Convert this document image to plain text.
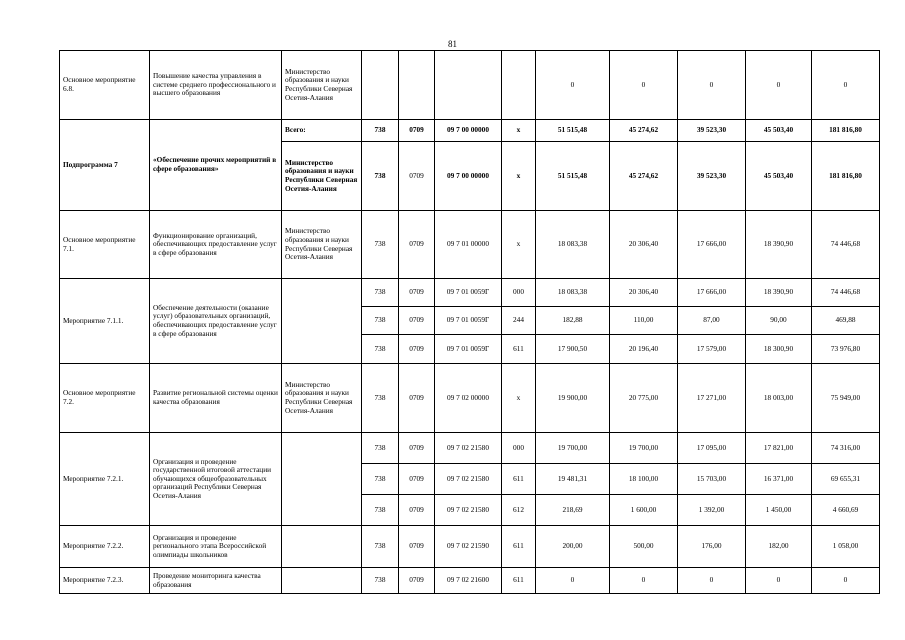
81
Основное мероприятие 6.8.	Повышение качества управления в системе среднего профессионального и высшего образования	Министерство образования и науки Республики Северная Осетия-Алания					0	0	0	0	0
Подпрограмма 7	«Обеспечение прочих мероприятий в сфере образования»	Всего:	738	0709	09 7 00 00000	х	51 515,48	45 274,62	39 523,30	45 503,40	181 816,80
		Министерство образования и науки Республики Северная Осетия-Алания	738	0709	09 7 00 00000	х	51 515,48	45 274,62	39 523,30	45 503,40	181 816,80
Основное мероприятие 7.1.	Функционирование организаций, обеспечивающих предоставление услуг в сфере образования	Министерство образования и науки Республики Северная Осетия-Алания	738	0709	09 7 01 00000	х	18 083,38	20 306,40	17 666,00	18 390,90	74 446,68
Мероприятие 7.1.1.	Обеспечение деятельности (оказание услуг) образовательных организаций, обеспечивающих предоставление услуг в сфере образования		738	0709	09 7 01 0059Г	000	18 083,38	20 306,40	17 666,00	18 390,90	74 446,68
			738	0709	09 7 01 0059Г	244	182,88	110,00	87,00	90,00	469,88
			738	0709	09 7 01 0059Г	611	17 900,50	20 196,40	17 579,00	18 300,90	73 976,80
Основное мероприятие 7.2.	Развитие региональной системы оценки качества образования	Министерство образования и науки Республики Северная Осетия-Алания	738	0709	09 7 02 00000	х	19 900,00	20 775,00	17 271,00	18 003,00	75 949,00
Мероприятие 7.2.1.	Организация и проведение государственной итоговой аттестации обучающихся общеобразовательных организаций Республики Северная Осетия-Алания		738	0709	09 7 02 21580	000	19 700,00	19 700,00	17 095,00	17 821,00	74 316,00
			738	0709	09 7 02 21580	611	19 481,31	18 100,00	15 703,00	16 371,00	69 655,31
			738	0709	09 7 02 21580	612	218,69	1 600,00	1 392,00	1 450,00	4 660,69
Мероприятие 7.2.2.	Организация и проведение регионального этапа Всероссийской олимпиады школьников		738	0709	09 7 02 21590	611	200,00	500,00	176,00	182,00	1 058,00
Мероприятие 7.2.3.	Проведение мониторинга качества образования		738	0709	09 7 02 21600	611	0	0	0	0	0
